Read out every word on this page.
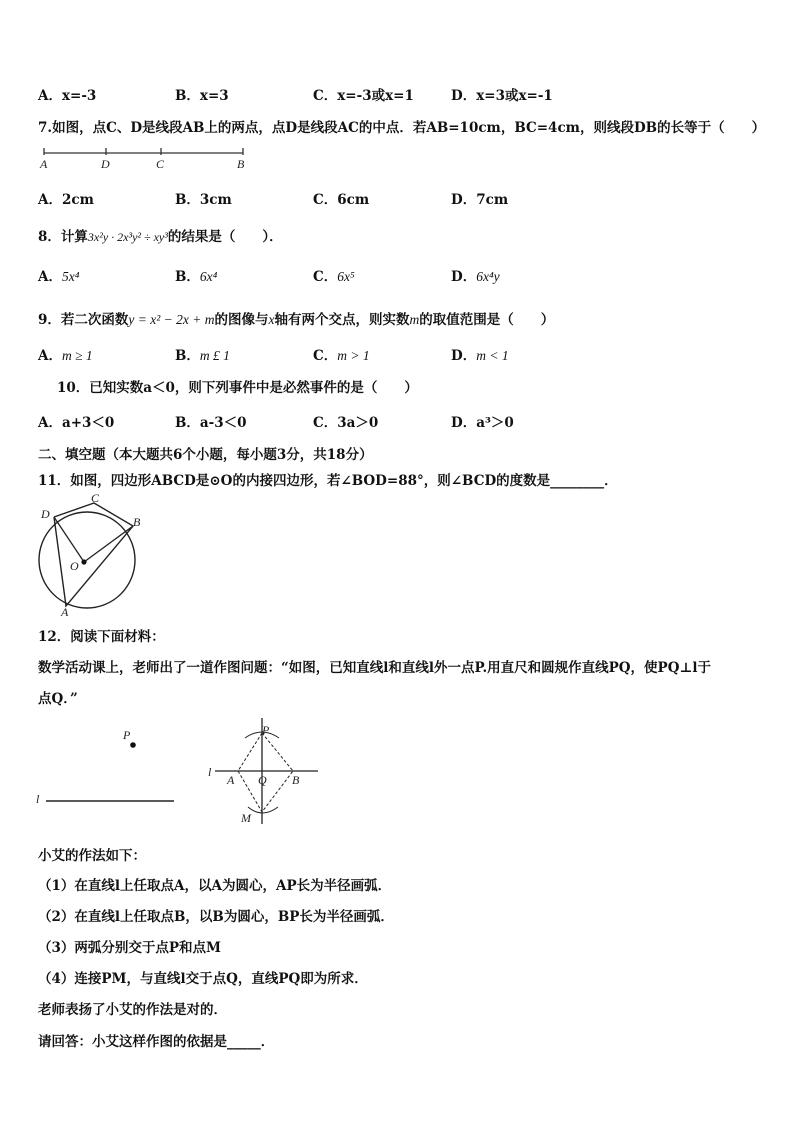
A．x=-3	B．x=3	C．x=-3或x=1	D．x=3或x=-1
7.如图，点C、D是线段AB上的两点，点D是线段AC的中点．若AB=10cm，BC=4cm，则线段DB的长等于（　　）
A	D	C	B
A．2cm	B．3cm	C．6cm	D．7cm
8．计算3x²y · 2x³y² ÷ xy³的结果是（　　）．
A．5x⁴	B．6x⁴	C．6x⁵	D．6x⁴y
9．若二次函数y = x² − 2x + m的图像与x轴有两个交点，则实数m的取值范围是（　　）
A．m ≥ 1	B．m £ 1	C．m > 1	D．m < 1
10．已知实数a＜0，则下列事件中是必然事件的是（　　）
A．a+3＜0	B．a-3＜0	C．3a＞0	D．a³＞0
二、填空题（本大题共6个小题，每小题3分，共18分）
11．如图，四边形ABCD是⊙O的内接四边形，若∠BOD=88°，则∠BCD的度数是________．
C
D
B
O
A
12．阅读下面材料：
数学活动课上，老师出了一道作图问题：“如图，已知直线l和直线l外一点P.用直尺和圆规作直线PQ，使PQ⊥l于
点Q．”
P
l
P
l
A Q B
M
小艾的作法如下：
（1）在直线l上任取点A，以A为圆心，AP长为半径画弧．
（2）在直线l上任取点B，以B为圆心，BP长为半径画弧．
（3）两弧分别交于点P和点M
（4）连接PM，与直线l交于点Q，直线PQ即为所求．
老师表扬了小艾的作法是对的．
请回答：小艾这样作图的依据是_____．
